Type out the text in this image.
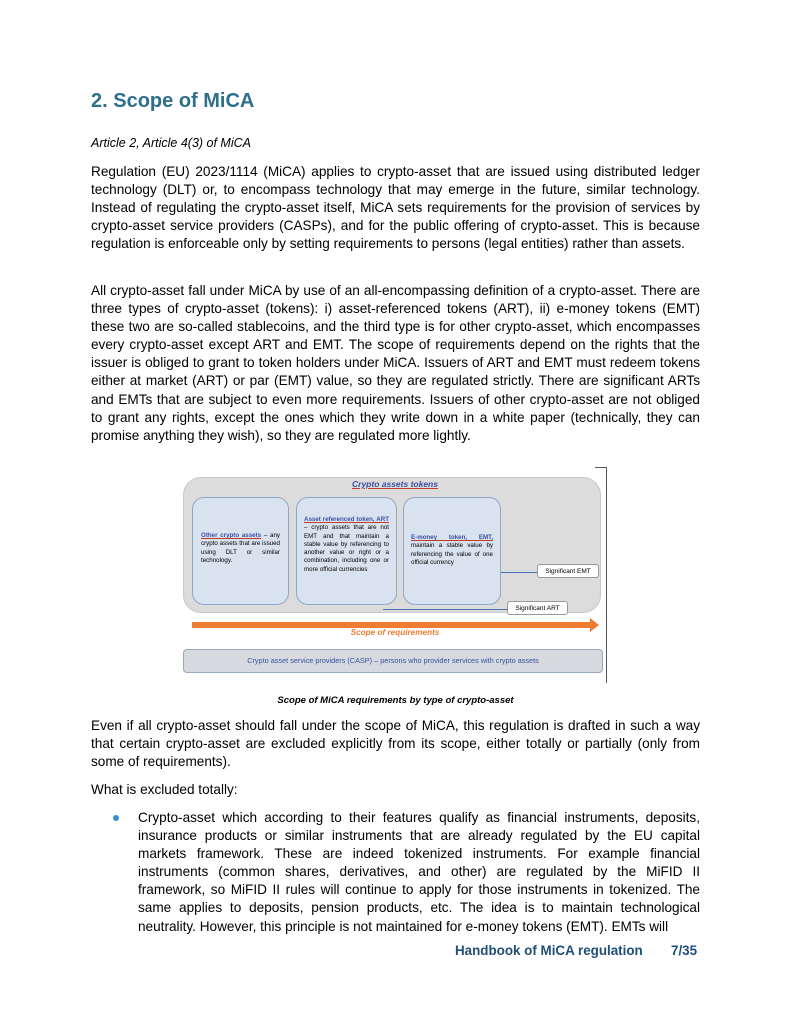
2. Scope of MiCA

Article 2, Article 4(3) of MiCA

Regulation (EU) 2023/1114 (MiCA) applies to crypto-asset that are issued using distributed ledger technology (DLT) or, to encompass technology that may emerge in the future, similar technology. Instead of regulating the crypto-asset itself, MiCA sets requirements for the provision of services by crypto-asset service providers (CASPs), and for the public offering of crypto-asset. This is because regulation is enforceable only by setting requirements to persons (legal entities) rather than assets.

All crypto-asset fall under MiCA by use of an all-encompassing definition of a crypto-asset. There are three types of crypto-asset (tokens): i) asset-referenced tokens (ART), ii) e-money tokens (EMT) these two are so-called stablecoins, and the third type is for other crypto-asset, which encompasses every crypto-asset except ART and EMT. The scope of requirements depend on the rights that the issuer is obliged to grant to token holders under MiCA. Issuers of ART and EMT must redeem tokens either at market (ART) or par (EMT) value, so they are regulated strictly. There are significant ARTs and EMTs that are subject to even more requirements. Issuers of other crypto-asset are not obliged to grant any rights, except the ones which they write down in a white paper (technically, they can promise anything they wish), so they are regulated more lightly.

Crypto assets tokens
Other crypto assets – any crypto assets that are issued using DLT or similar technology.
Asset referenced token, ART – crypto assets that are not EMT and that maintain a stable value by referencing to another value or right or a combination, including one or more official currencies
E-money token, EMT, maintain a stable value by referencing the value of one official currency
Significant EMT
Significant ART
Scope of requirements
Crypto asset service providers (CASP) – persons who provider services with crypto assets
Scope of MiCA requirements by type of crypto-asset

Even if all crypto-asset should fall under the scope of MiCA, this regulation is drafted in such a way that certain crypto-asset are excluded explicitly from its scope, either totally or partially (only from some of requirements).

What is excluded totally:

Crypto-asset which according to their features qualify as financial instruments, deposits, insurance products or similar instruments that are already regulated by the EU capital markets framework. These are indeed tokenized instruments. For example financial instruments (common shares, derivatives, and other) are regulated by the MiFID II framework, so MiFID II rules will continue to apply for those instruments in tokenized. The same applies to deposits, pension products, etc. The idea is to maintain technological neutrality. However, this principle is not maintained for e-money tokens (EMT). EMTs will

Handbook of MiCA regulation 7/35
